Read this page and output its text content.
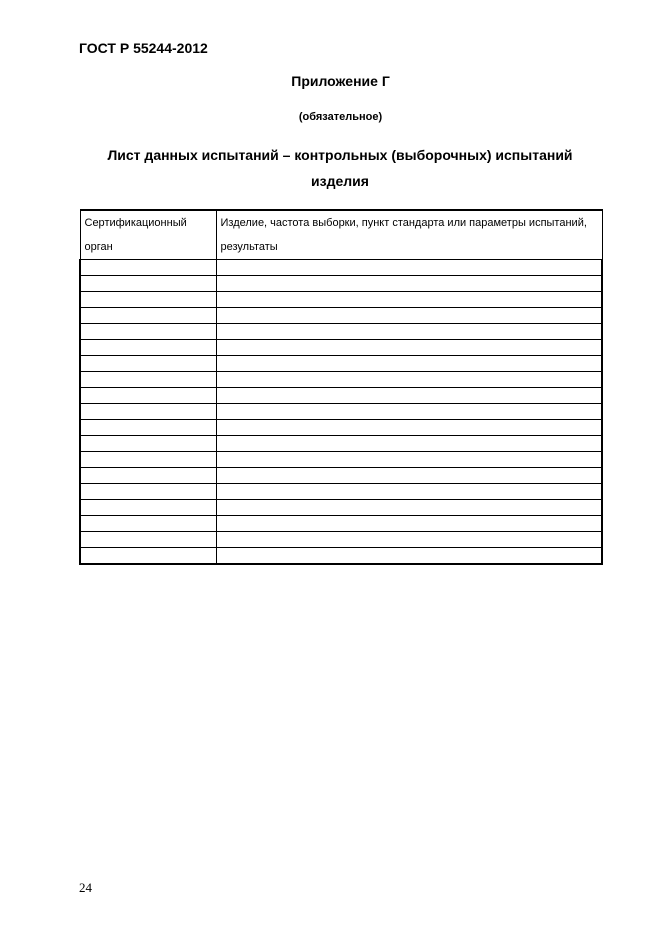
ГОСТ Р 55244-2012
Приложение Г
(обязательное)
Лист данных испытаний – контрольных (выборочных) испытаний
изделия
Сертификационный орган	Изделие, частота выборки, пункт стандарта или параметры испытаний, результаты

24
